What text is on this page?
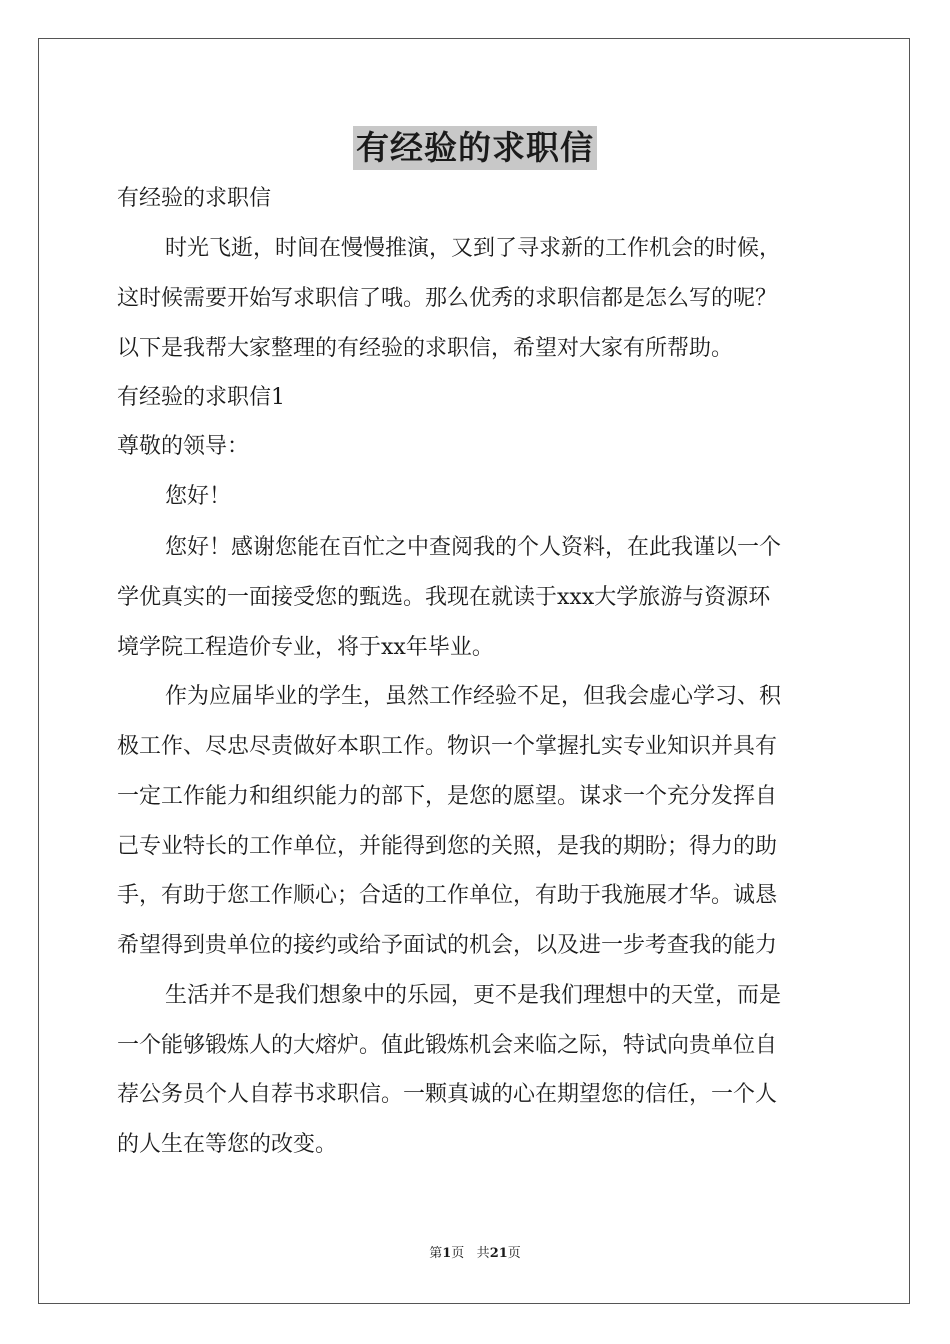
有经验的求职信
有经验的求职信
时光飞逝，时间在慢慢推演，又到了寻求新的工作机会的时候，
这时候需要开始写求职信了哦。那么优秀的求职信都是怎么写的呢？
以下是我帮大家整理的有经验的求职信，希望对大家有所帮助。
有经验的求职信1
尊敬的领导：
您好！
您好！感谢您能在百忙之中查阅我的个人资料，在此我谨以一个
学优真实的一面接受您的甄选。我现在就读于xxx大学旅游与资源环
境学院工程造价专业，将于xx年毕业。
作为应届毕业的学生，虽然工作经验不足，但我会虚心学习、积
极工作、尽忠尽责做好本职工作。物识一个掌握扎实专业知识并具有
一定工作能力和组织能力的部下，是您的愿望。谋求一个充分发挥自
己专业特长的工作单位，并能得到您的关照，是我的期盼；得力的助
手，有助于您工作顺心；合适的工作单位，有助于我施展才华。诚恳
希望得到贵单位的接约或给予面试的机会，以及进一步考查我的能力
生活并不是我们想象中的乐园，更不是我们理想中的天堂，而是
一个能够锻炼人的大熔炉。值此锻炼机会来临之际，特试向贵单位自
荐公务员个人自荐书求职信。一颗真诚的心在期望您的信任，一个人
的人生在等您的改变。
第1页 共21页
